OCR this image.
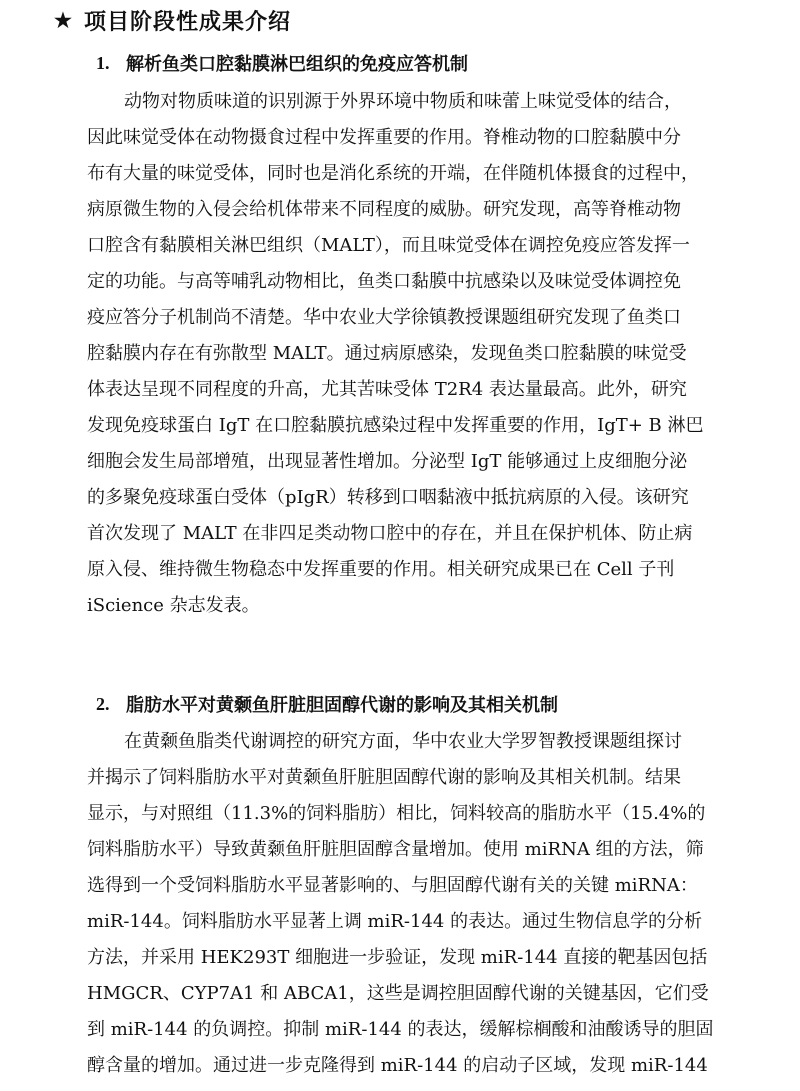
★ 项目阶段性成果介绍
1. 解析鱼类口腔黏膜淋巴组织的免疫应答机制
动物对物质味道的识别源于外界环境中物质和味蕾上味觉受体的结合，
因此味觉受体在动物摄食过程中发挥重要的作用。脊椎动物的口腔黏膜中分
布有大量的味觉受体，同时也是消化系统的开端，在伴随机体摄食的过程中，
病原微生物的入侵会给机体带来不同程度的威胁。研究发现，高等脊椎动物
口腔含有黏膜相关淋巴组织（MALT），而且味觉受体在调控免疫应答发挥一
定的功能。与高等哺乳动物相比，鱼类口黏膜中抗感染以及味觉受体调控免
疫应答分子机制尚不清楚。华中农业大学徐镇教授课题组研究发现了鱼类口
腔黏膜内存在有弥散型 MALT。通过病原感染，发现鱼类口腔黏膜的味觉受
体表达呈现不同程度的升高，尤其苦味受体 T2R4 表达量最高。此外，研究
发现免疫球蛋白 IgT 在口腔黏膜抗感染过程中发挥重要的作用，IgT+ B 淋巴
细胞会发生局部增殖，出现显著性增加。分泌型 IgT 能够通过上皮细胞分泌
的多聚免疫球蛋白受体（pIgR）转移到口咽黏液中抵抗病原的入侵。该研究
首次发现了 MALT 在非四足类动物口腔中的存在，并且在保护机体、防止病
原入侵、维持微生物稳态中发挥重要的作用。相关研究成果已在 Cell 子刊
iScience 杂志发表。
2. 脂肪水平对黄颡鱼肝脏胆固醇代谢的影响及其相关机制
在黄颡鱼脂类代谢调控的研究方面，华中农业大学罗智教授课题组探讨
并揭示了饲料脂肪水平对黄颡鱼肝脏胆固醇代谢的影响及其相关机制。结果
显示，与对照组（11.3%的饲料脂肪）相比，饲料较高的脂肪水平（15.4%的
饲料脂肪水平）导致黄颡鱼肝脏胆固醇含量增加。使用 miRNA 组的方法，筛
选得到一个受饲料脂肪水平显著影响的、与胆固醇代谢有关的关键 miRNA：
miR-144。饲料脂肪水平显著上调 miR-144 的表达。通过生物信息学的分析
方法，并采用 HEK293T 细胞进一步验证，发现 miR-144 直接的靶基因包括
HMGCR、CYP7A1 和 ABCA1，这些是调控胆固醇代谢的关键基因，它们受
到 miR-144 的负调控。抑制 miR-144 的表达，缓解棕榈酸和油酸诱导的胆固
醇含量的增加。通过进一步克隆得到 miR-144 的启动子区域，发现 miR-144
